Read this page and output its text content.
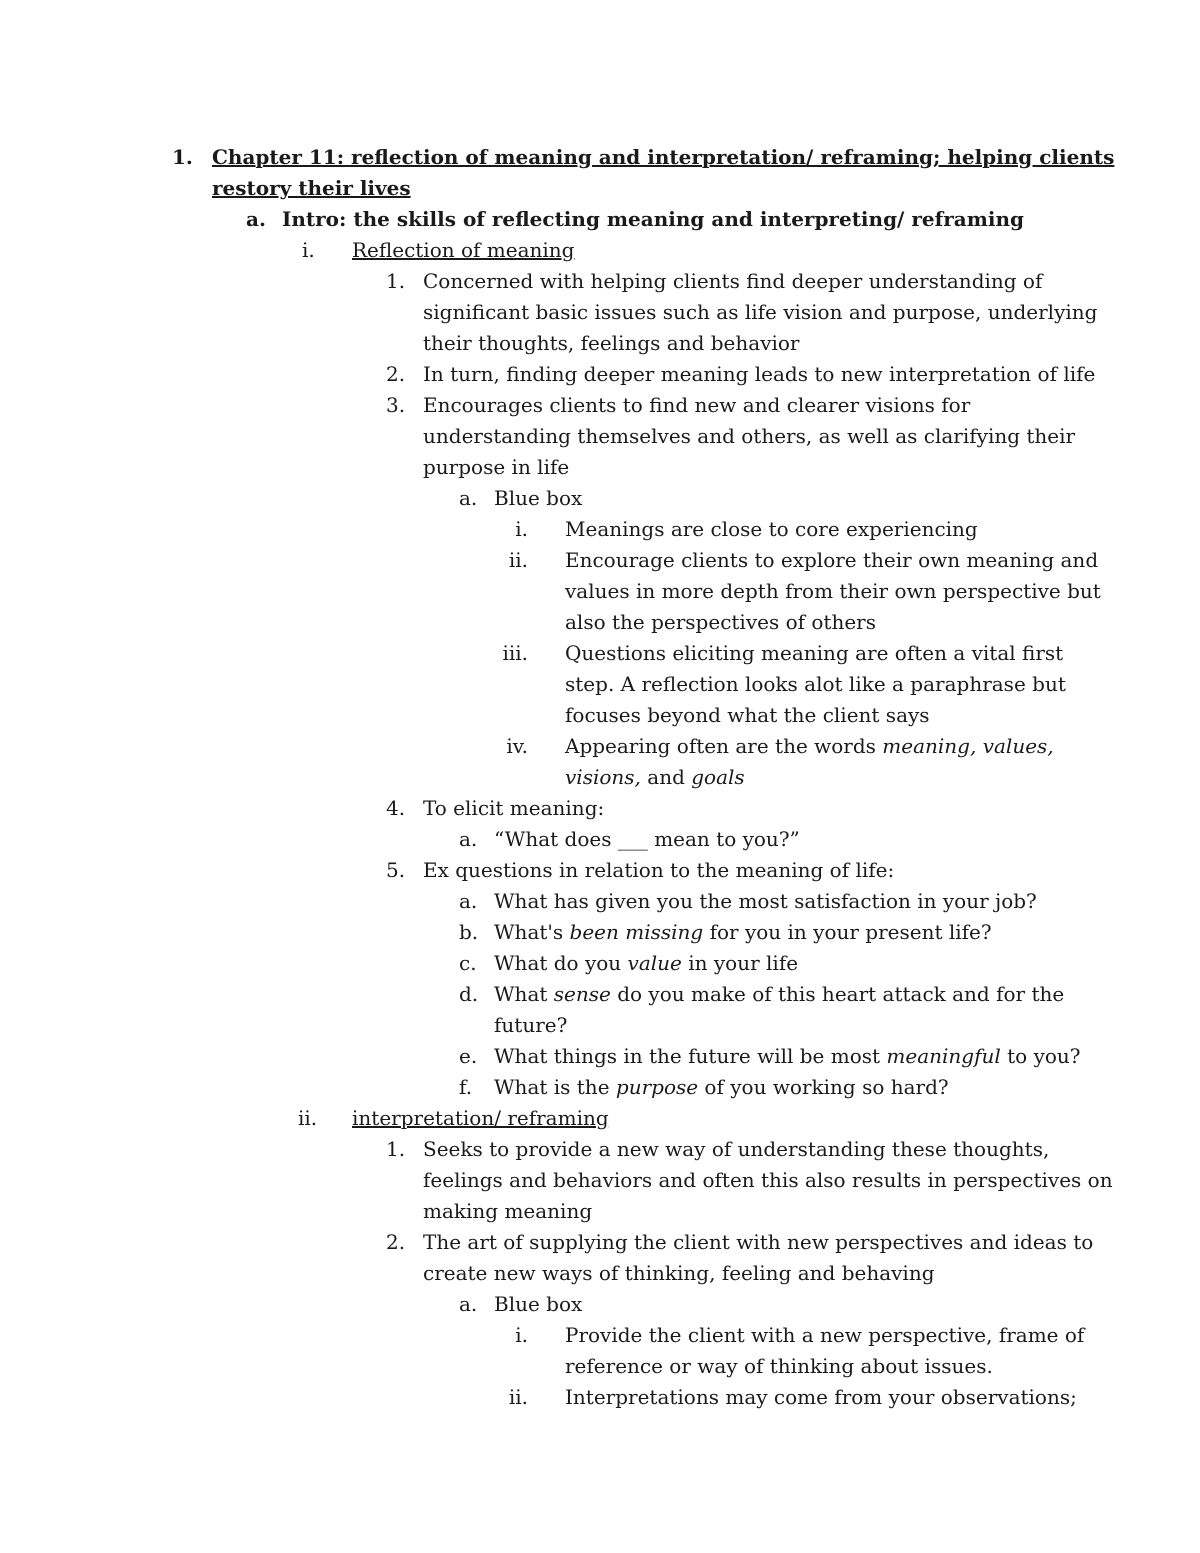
1. Chapter 11: reflection of meaning and interpretation/ reframing; helping clients
restory their lives
a. Intro: the skills of reflecting meaning and interpreting/ reframing
i. Reflection of meaning
1. Concerned with helping clients find deeper understanding of
significant basic issues such as life vision and purpose, underlying
their thoughts, feelings and behavior
2. In turn, finding deeper meaning leads to new interpretation of life
3. Encourages clients to find new and clearer visions for
understanding themselves and others, as well as clarifying their
purpose in life
a. Blue box
i. Meanings are close to core experiencing
ii. Encourage clients to explore their own meaning and
values in more depth from their own perspective but
also the perspectives of others
iii. Questions eliciting meaning are often a vital first
step. A reflection looks alot like a paraphrase but
focuses beyond what the client says
iv. Appearing often are the words meaning, values,
visions, and goals
4. To elicit meaning:
a. “What does ___ mean to you?”
5. Ex questions in relation to the meaning of life:
a. What has given you the most satisfaction in your job?
b. What's been missing for you in your present life?
c. What do you value in your life
d. What sense do you make of this heart attack and for the
future?
e. What things in the future will be most meaningful to you?
f. What is the purpose of you working so hard?
ii. interpretation/ reframing
1. Seeks to provide a new way of understanding these thoughts,
feelings and behaviors and often this also results in perspectives on
making meaning
2. The art of supplying the client with new perspectives and ideas to
create new ways of thinking, feeling and behaving
a. Blue box
i. Provide the client with a new perspective, frame of
reference or way of thinking about issues.
ii. Interpretations may come from your observations;
